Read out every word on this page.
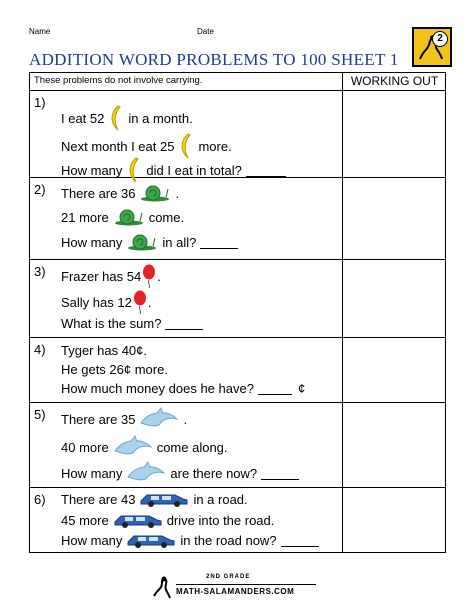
Name	Date
ADDITION WORD PROBLEMS TO 100 SHEET 1
2
These problems do not involve carrying.	WORKING OUT
1)
I eat 52 in a month.
Next month I eat 25 more.
How many did I eat in total?
2) There are 36	.
21 more	come.
How many	in all?
3) Frazer has 54 .
Sally has 12 .
What is the sum?
4) Tyger has 40¢.
He gets 26¢ more.
How much money does he have?	¢
5) There are 35	.
40 more	come along.
How many	are there now?
6) There are 43	in a road.
45 more	drive into the road.
How many	in the road now?
2ND GRADE
MATH-SALAMANDERS.COM
